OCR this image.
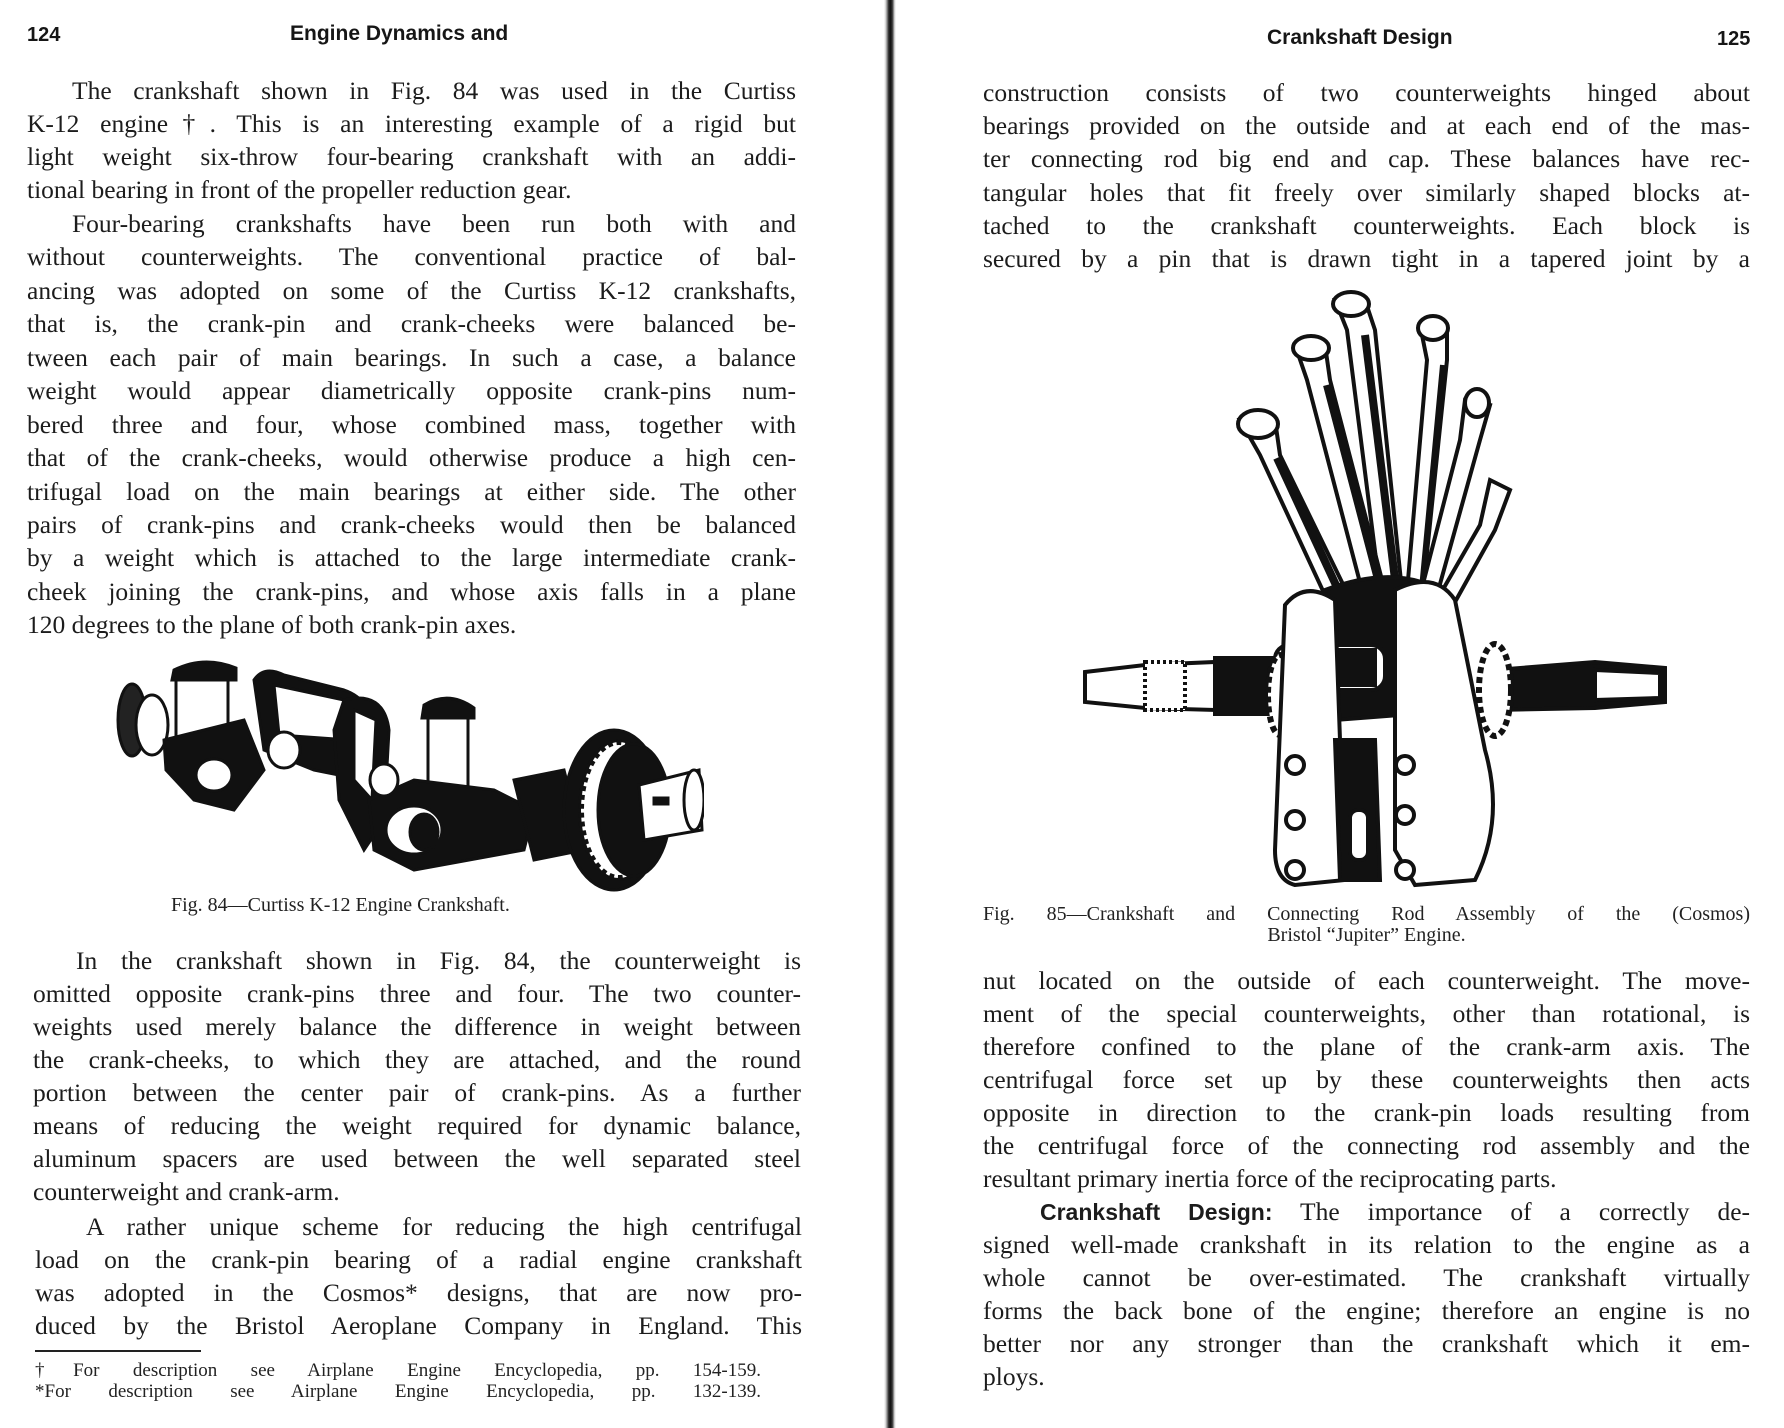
124	Engine Dynamics and
The crankshaft shown in Fig. 84 was used in the Curtiss
K-12 engine†. This is an interesting example of a rigid but
light weight six-throw four-bearing crankshaft with an addi-
tional bearing in front of the propeller reduction gear.
Four-bearing crankshafts have been run both with and
without counterweights. The conventional practice of bal-
ancing was adopted on some of the Curtiss K-12 crankshafts,
that is, the crank-pin and crank-cheeks were balanced be-
tween each pair of main bearings. In such a case, a balance
weight would appear diametrically opposite crank-pins num-
bered three and four, whose combined mass, together with
that of the crank-cheeks, would otherwise produce a high cen-
trifugal load on the main bearings at either side. The other
pairs of crank-pins and crank-cheeks would then be balanced
by a weight which is attached to the large intermediate crank-
cheek joining the crank-pins, and whose axis falls in a plane
120 degrees to the plane of both crank-pin axes.
Fig. 84—Curtiss K-12 Engine Crankshaft.
In the crankshaft shown in Fig. 84, the counterweight is
omitted opposite crank-pins three and four. The two counter-
weights used merely balance the difference in weight between
the crank-cheeks, to which they are attached, and the round
portion between the center pair of crank-pins. As a further
means of reducing the weight required for dynamic balance,
aluminum spacers are used between the well separated steel
counterweight and crank-arm.
A rather unique scheme for reducing the high centrifugal
load on the crank-pin bearing of a radial engine crankshaft
was adopted in the Cosmos* designs, that are now pro-
duced by the Bristol Aeroplane Company in England. This
†For description see Airplane Engine Encyclopedia, pp. 154-159.
*For description see Airplane Engine Encyclopedia, pp. 132-139.
Crankshaft Design	125
construction consists of two counterweights hinged about
bearings provided on the outside and at each end of the mas-
ter connecting rod big end and cap. These balances have rec-
tangular holes that fit freely over similarly shaped blocks at-
tached to the crankshaft counterweights. Each block is
secured by a pin that is drawn tight in a tapered joint by a
Fig. 85—Crankshaft and Connecting Rod Assembly of the (Cosmos)
Bristol “Jupiter” Engine.
nut located on the outside of each counterweight. The move-
ment of the special counterweights, other than rotational, is
therefore confined to the plane of the crank-arm axis. The
centrifugal force set up by these counterweights then acts
opposite in direction to the crank-pin loads resulting from
the centrifugal force of the connecting rod assembly and the
resultant primary inertia force of the reciprocating parts.
Crankshaft Design: The importance of a correctly de-
signed well-made crankshaft in its relation to the engine as a
whole cannot be over-estimated. The crankshaft virtually
forms the back bone of the engine; therefore an engine is no
better nor any stronger than the crankshaft which it em-
ploys.
